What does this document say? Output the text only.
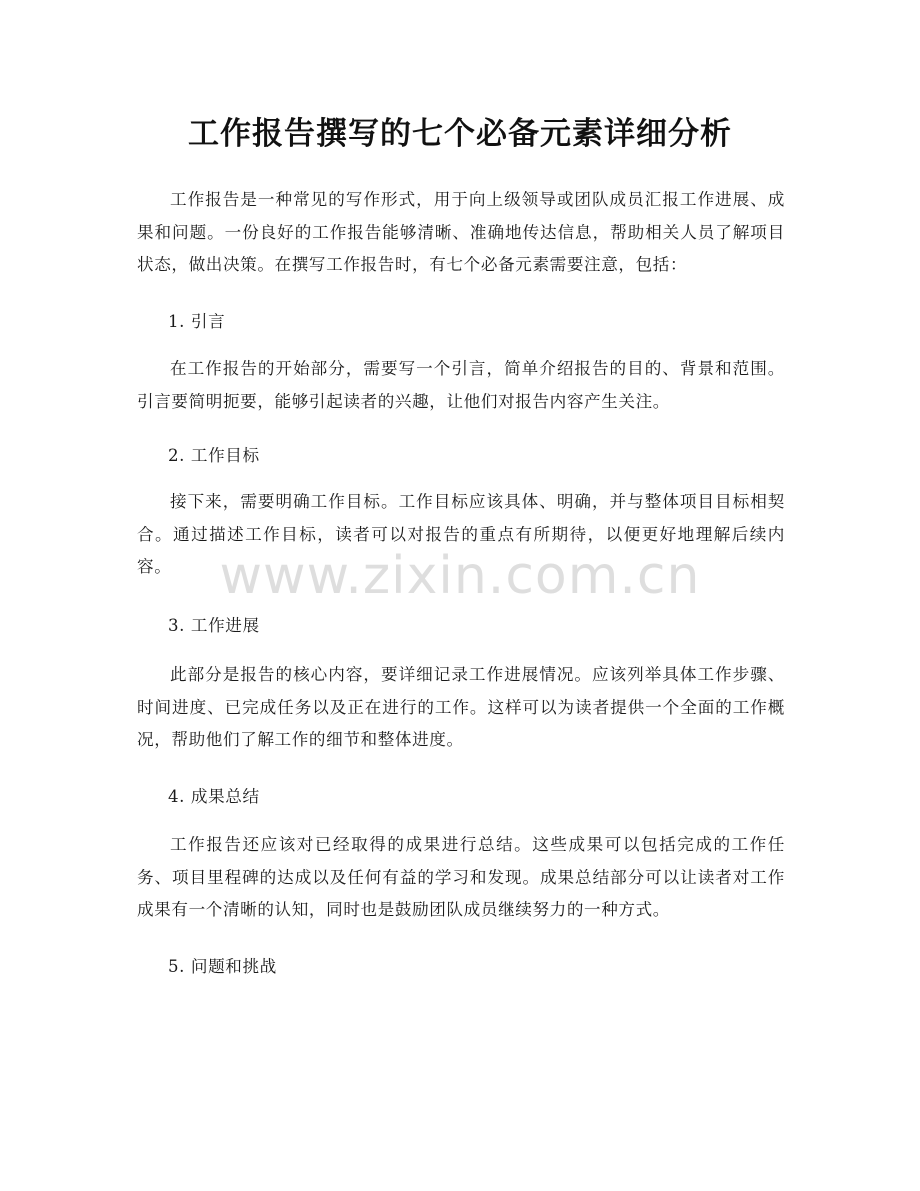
工作报告撰写的七个必备元素详细分析

工作报告是一种常见的写作形式，用于向上级领导或团队成员汇报工作进展、成果和问题。一份良好的工作报告能够清晰、准确地传达信息，帮助相关人员了解项目状态，做出决策。在撰写工作报告时，有七个必备元素需要注意，包括：

1. 引言

在工作报告的开始部分，需要写一个引言，简单介绍报告的目的、背景和范围。引言要简明扼要，能够引起读者的兴趣，让他们对报告内容产生关注。

2. 工作目标

接下来，需要明确工作目标。工作目标应该具体、明确，并与整体项目目标相契合。通过描述工作目标，读者可以对报告的重点有所期待，以便更好地理解后续内容。

3. 工作进展

此部分是报告的核心内容，要详细记录工作进展情况。应该列举具体工作步骤、时间进度、已完成任务以及正在进行的工作。这样可以为读者提供一个全面的工作概况，帮助他们了解工作的细节和整体进度。

4. 成果总结

工作报告还应该对已经取得的成果进行总结。这些成果可以包括完成的工作任务、项目里程碑的达成以及任何有益的学习和发现。成果总结部分可以让读者对工作成果有一个清晰的认知，同时也是鼓励团队成员继续努力的一种方式。

5. 问题和挑战

www.zixin.com.cn
